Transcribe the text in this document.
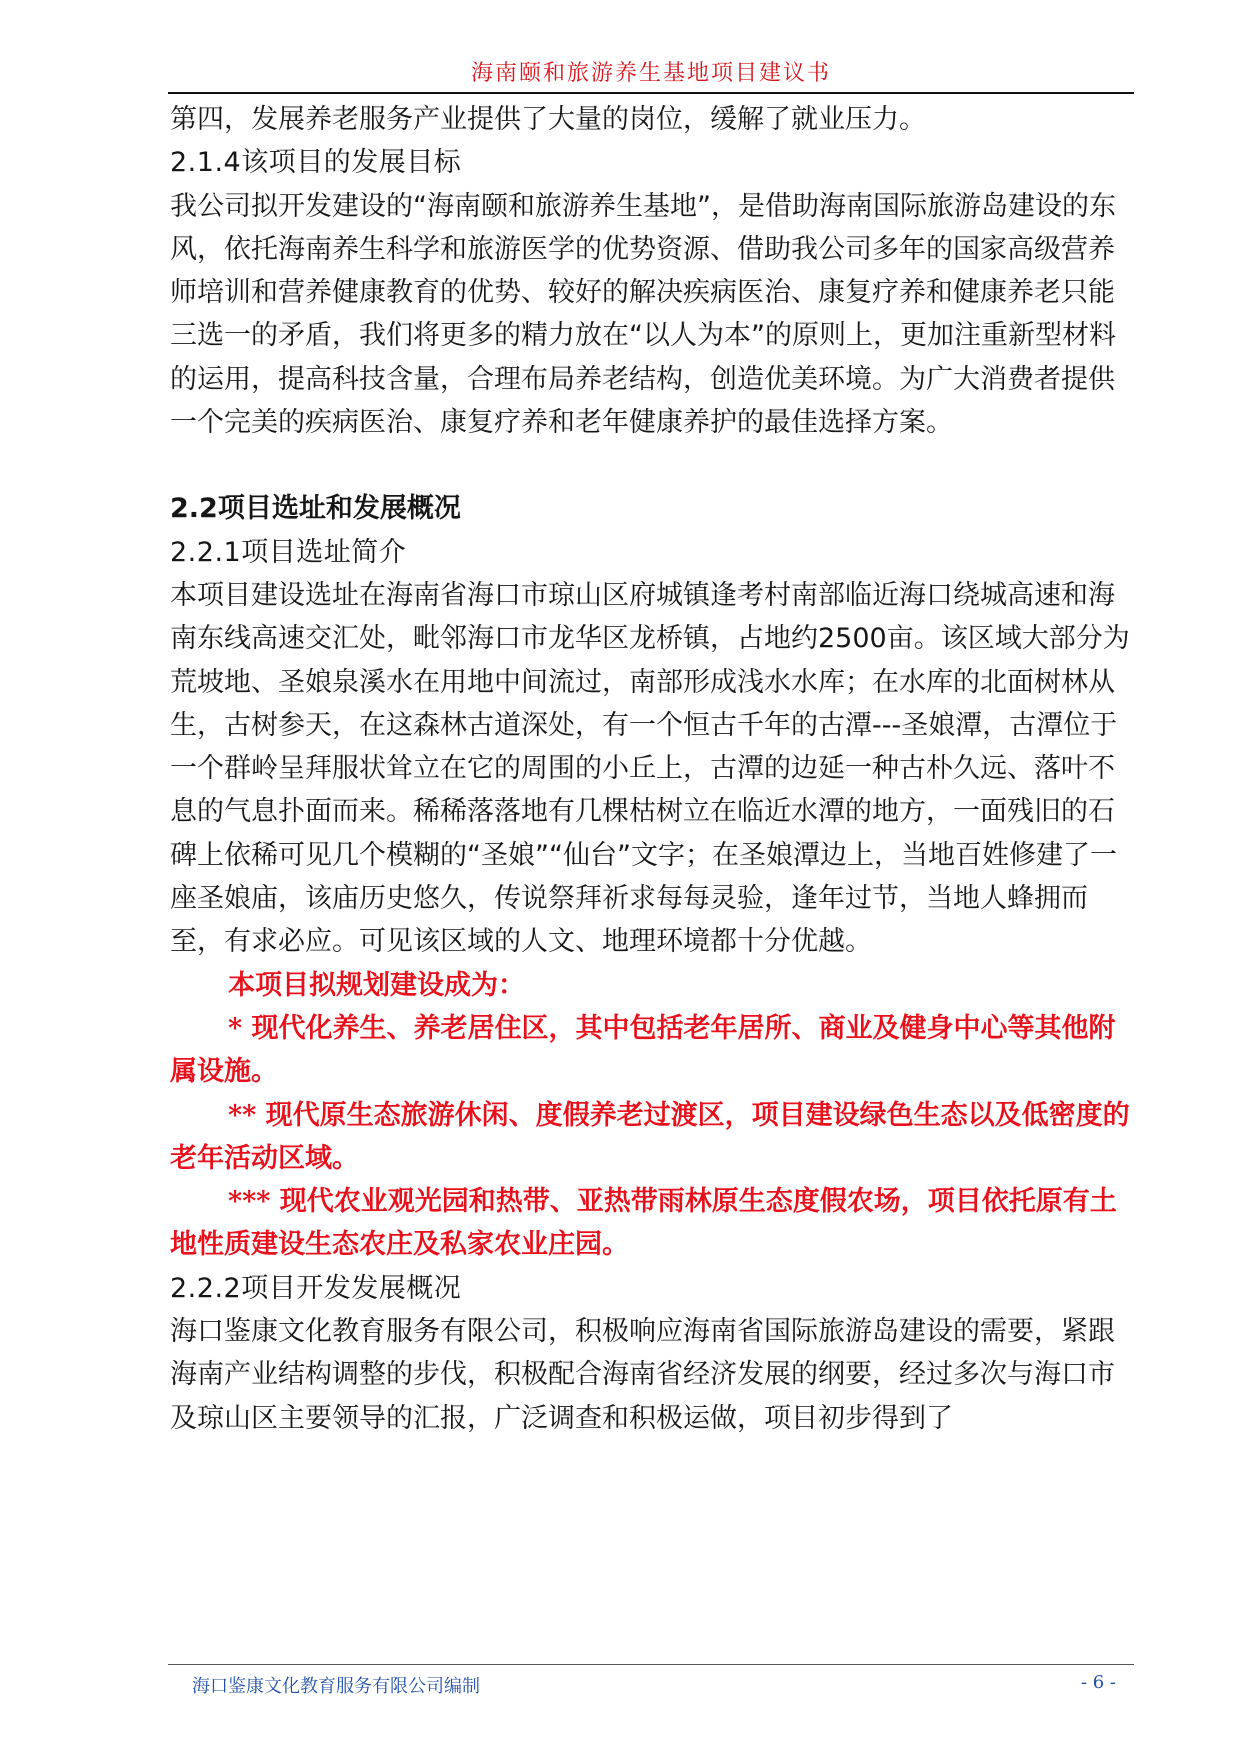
海南颐和旅游养生基地项目建议书

第四，发展养老服务产业提供了大量的岗位，缓解了就业压力。

2.1.4该项目的发展目标

我公司拟开发建设的“海南颐和旅游养生基地”，是借助海南国际旅游岛建设的东风，依托海南养生科学和旅游医学的优势资源、借助我公司多年的国家高级营养师培训和营养健康教育的优势、较好的解决疾病医治、康复疗养和健康养老只能三选一的矛盾，我们将更多的精力放在“以人为本”的原则上，更加注重新型材料的运用，提高科技含量，合理布局养老结构，创造优美环境。为广大消费者提供一个完美的疾病医治、康复疗养和老年健康养护的最佳选择方案。

2.2项目选址和发展概况

2.2.1项目选址简介

本项目建设选址在海南省海口市琼山区府城镇逢考村南部临近海口绕城高速和海南东线高速交汇处，毗邻海口市龙华区龙桥镇，占地约2500亩。该区域大部分为荒坡地、圣娘泉溪水在用地中间流过，南部形成浅水水库；在水库的北面树林从生，古树参天，在这森林古道深处，有一个恒古千年的古潭---圣娘潭，古潭位于一个群岭呈拜服状耸立在它的周围的小丘上，古潭的边延一种古朴久远、落叶不息的气息扑面而来。稀稀落落地有几棵枯树立在临近水潭的地方，一面残旧的石碑上依稀可见几个模糊的“圣娘”“仙台”文字；在圣娘潭边上，当地百姓修建了一座圣娘庙，该庙历史悠久，传说祭拜祈求每每灵验，逢年过节，当地人蜂拥而至，有求必应。可见该区域的人文、地理环境都十分优越。

本项目拟规划建设成为：

* 现代化养生、养老居住区，其中包括老年居所、商业及健身中心等其他附属设施。

** 现代原生态旅游休闲、度假养老过渡区，项目建设绿色生态以及低密度的老年活动区域。

*** 现代农业观光园和热带、亚热带雨林原生态度假农场，项目依托原有土地性质建设生态农庄及私家农业庄园。

2.2.2项目开发发展概况

海口鉴康文化教育服务有限公司，积极响应海南省国际旅游岛建设的需要，紧跟海南产业结构调整的步伐，积极配合海南省经济发展的纲要，经过多次与海口市及琼山区主要领导的汇报，广泛调查和积极运做，项目初步得到了

海口鉴康文化教育服务有限公司编制	- 6 -
